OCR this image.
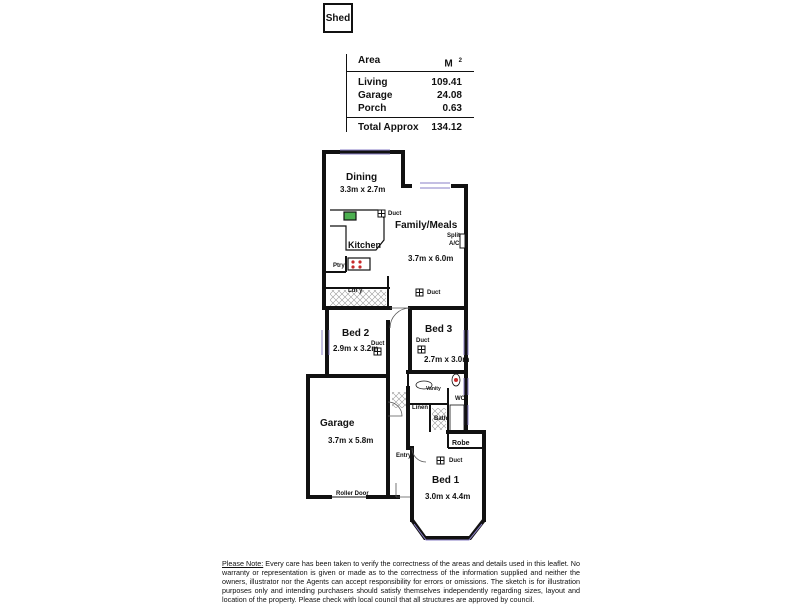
Shed
Area	M $^2$
Living	109.41
Garage	24.08
Porch	0.63
Total Approx 134.12
Dining
3.3m x 2.7m
Duct
Family/Meals
Kitchen
Split
A/C
3.7m x 6.0m
Ptry
Ldr'y	Duct
Bed 2
Duct
2.9m x 3.2m
Bed 3
Duct
2.7m x 3.0m
Vanity
WC
Linen
Bath
Robe
Garage
3.7m x 5.8m
Entry
Duct
Bed 1
3.0m x 4.4m
Roller Door
Please Note: Every care has been taken to verify the correctness of the areas and details used in this leaflet. No warranty or representation is given or made as to the correctness of the information supplied and neither the owners, illustrator nor the Agents can accept responsibility for errors or omissions. The sketch is for illustration purposes only and intending purchasers should satisfy themselves independently regarding sizes, layout and location of the property. Please check with local council that all structures are approved by council.
